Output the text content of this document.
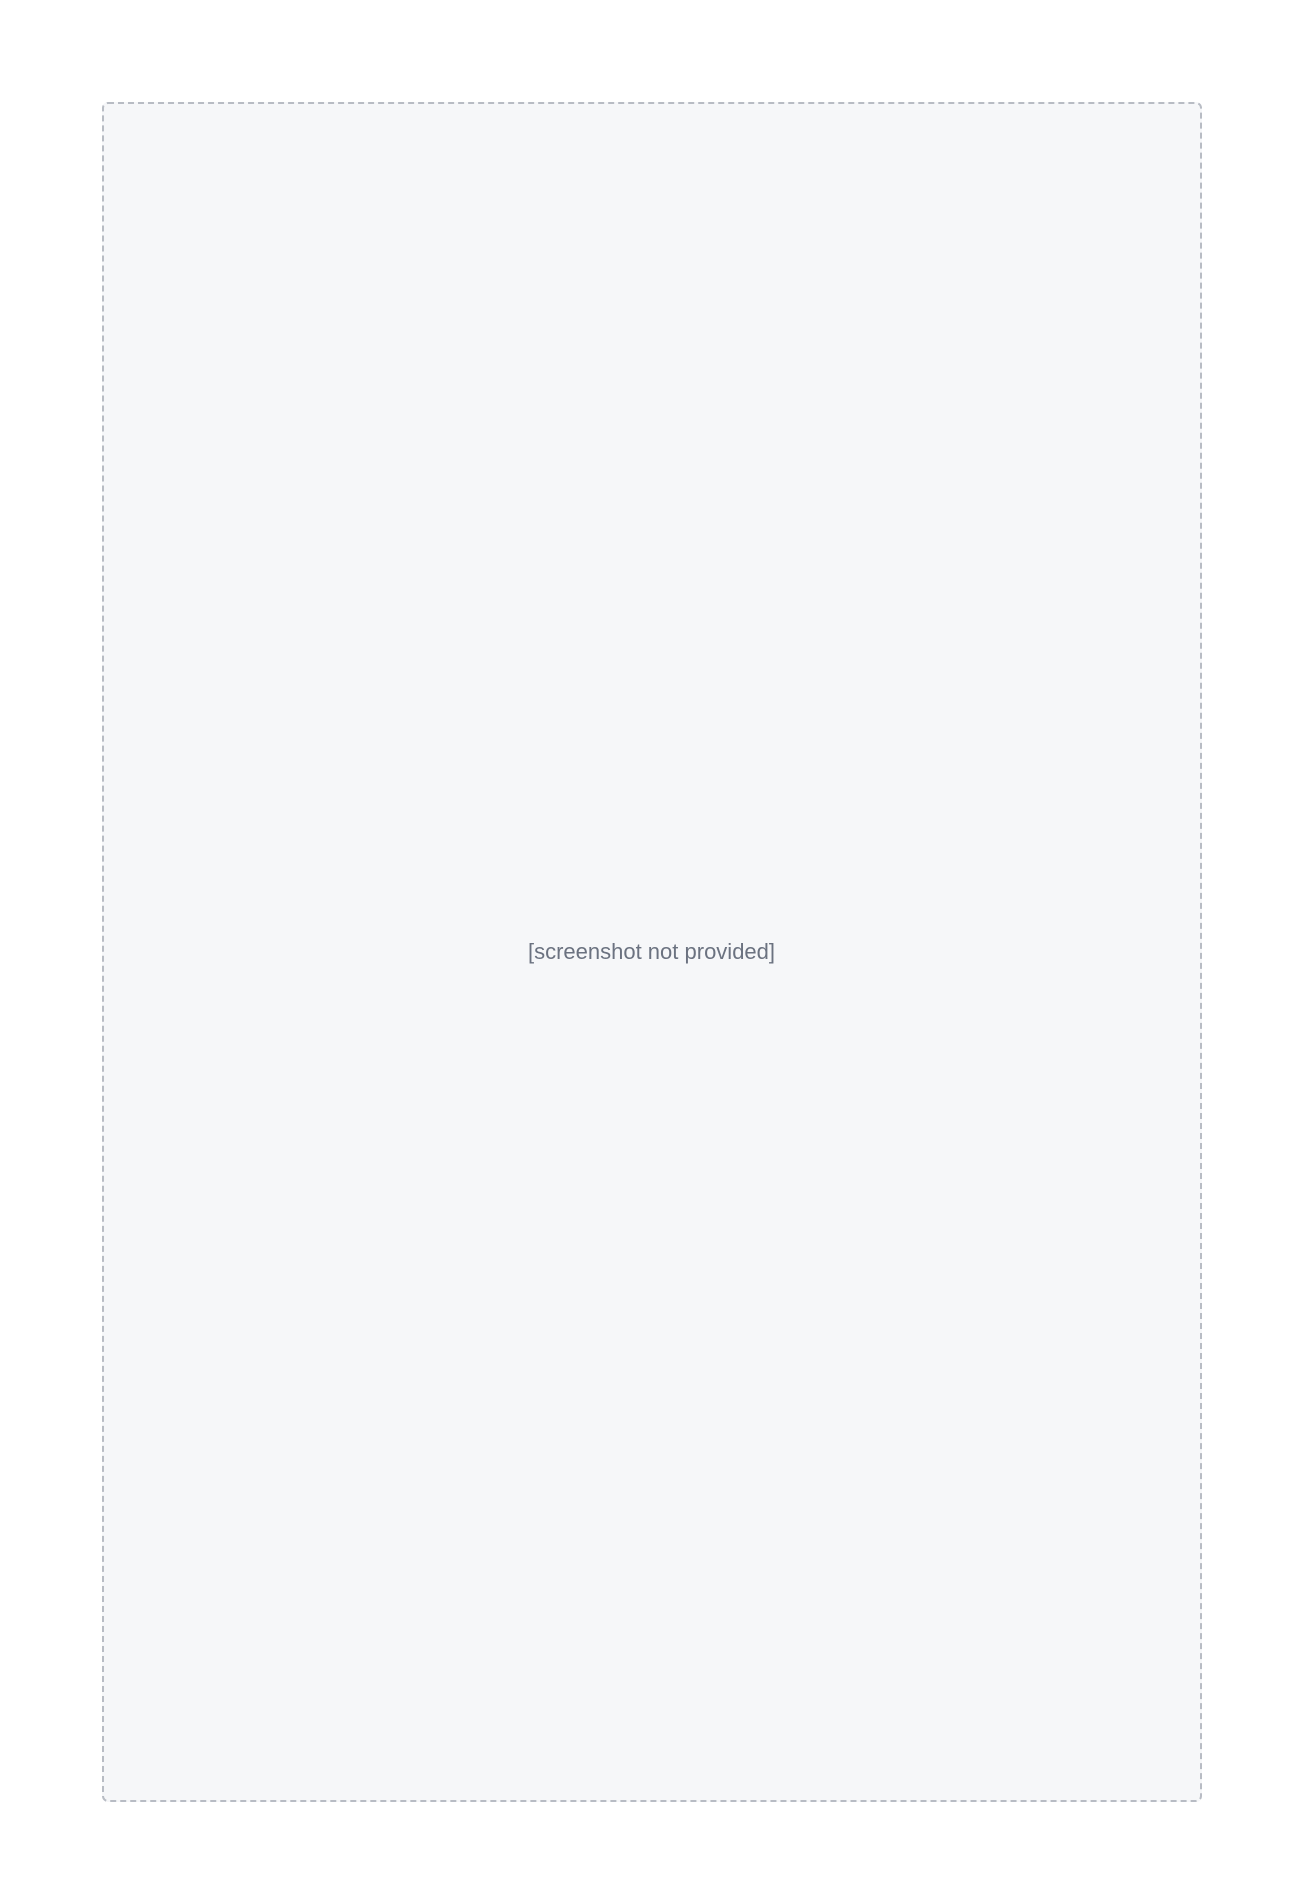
[screenshot not provided]
